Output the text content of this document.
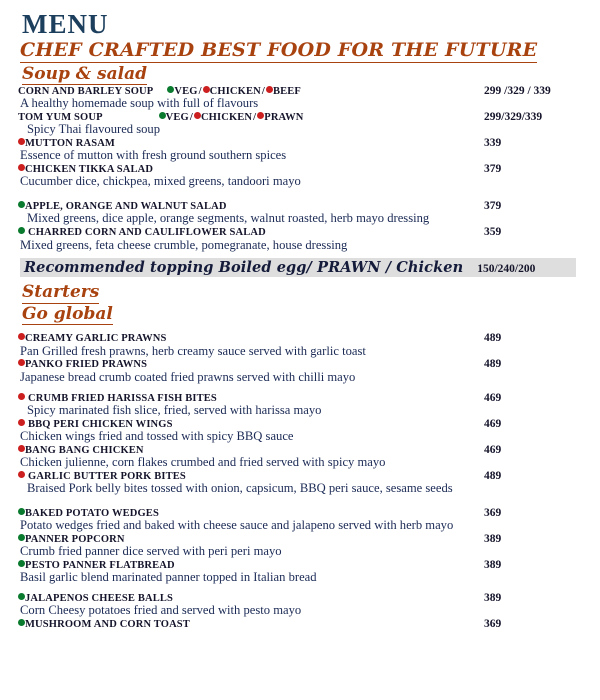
MENU
CHEF CRAFTED BEST FOOD FOR THE FUTURE
Soup & salad
CORN AND BARLEY SOUP VEG / CHICKEN / BEEF	299 /329 / 339
A healthy homemade soup with full of flavours
TOM YUM SOUP	VEG / CHICKEN / PRAWN	299/329/339
Spicy Thai flavoured soup
MUTTON RASAM	339
Essence of mutton with fresh ground southern spices
CHICKEN TIKKA SALAD	379
Cucumber dice, chickpea, mixed greens, tandoori mayo
APPLE, ORANGE AND WALNUT SALAD	379
Mixed greens, dice apple, orange segments, walnut roasted, herb mayo dressing
CHARRED CORN AND CAULIFLOWER SALAD	359
Mixed greens, feta cheese crumble, pomegranate, house dressing
Recommended topping Boiled egg/ PRAWN / Chicken 150/240/200
Starters
Go global
CREAMY GARLIC PRAWNS	489
Pan Grilled fresh prawns, herb creamy sauce served with garlic toast
PANKO FRIED PRAWNS	489
Japanese bread crumb coated fried prawns served with chilli mayo
CRUMB FRIED HARISSA FISH BITES	469
Spicy marinated fish slice, fried, served with harissa mayo
BBQ PERI CHICKEN WINGS	469
Chicken wings fried and tossed with spicy BBQ sauce
BANG BANG CHICKEN	469
Chicken julienne, corn flakes crumbed and fried served with spicy mayo
GARLIC BUTTER PORK BITES	489
Braised Pork belly bites tossed with onion, capsicum, BBQ peri sauce, sesame seeds
BAKED POTATO WEDGES	369
Potato wedges fried and baked with cheese sauce and jalapeno served with herb mayo
PANNER POPCORN	389
Crumb fried panner dice served with peri peri mayo
PESTO PANNER FLATBREAD	389
Basil garlic blend marinated panner topped in Italian bread
JALAPENOS CHEESE BALLS	389
Corn Cheesy potatoes fried and served with pesto mayo
MUSHROOM AND CORN TOAST	369
